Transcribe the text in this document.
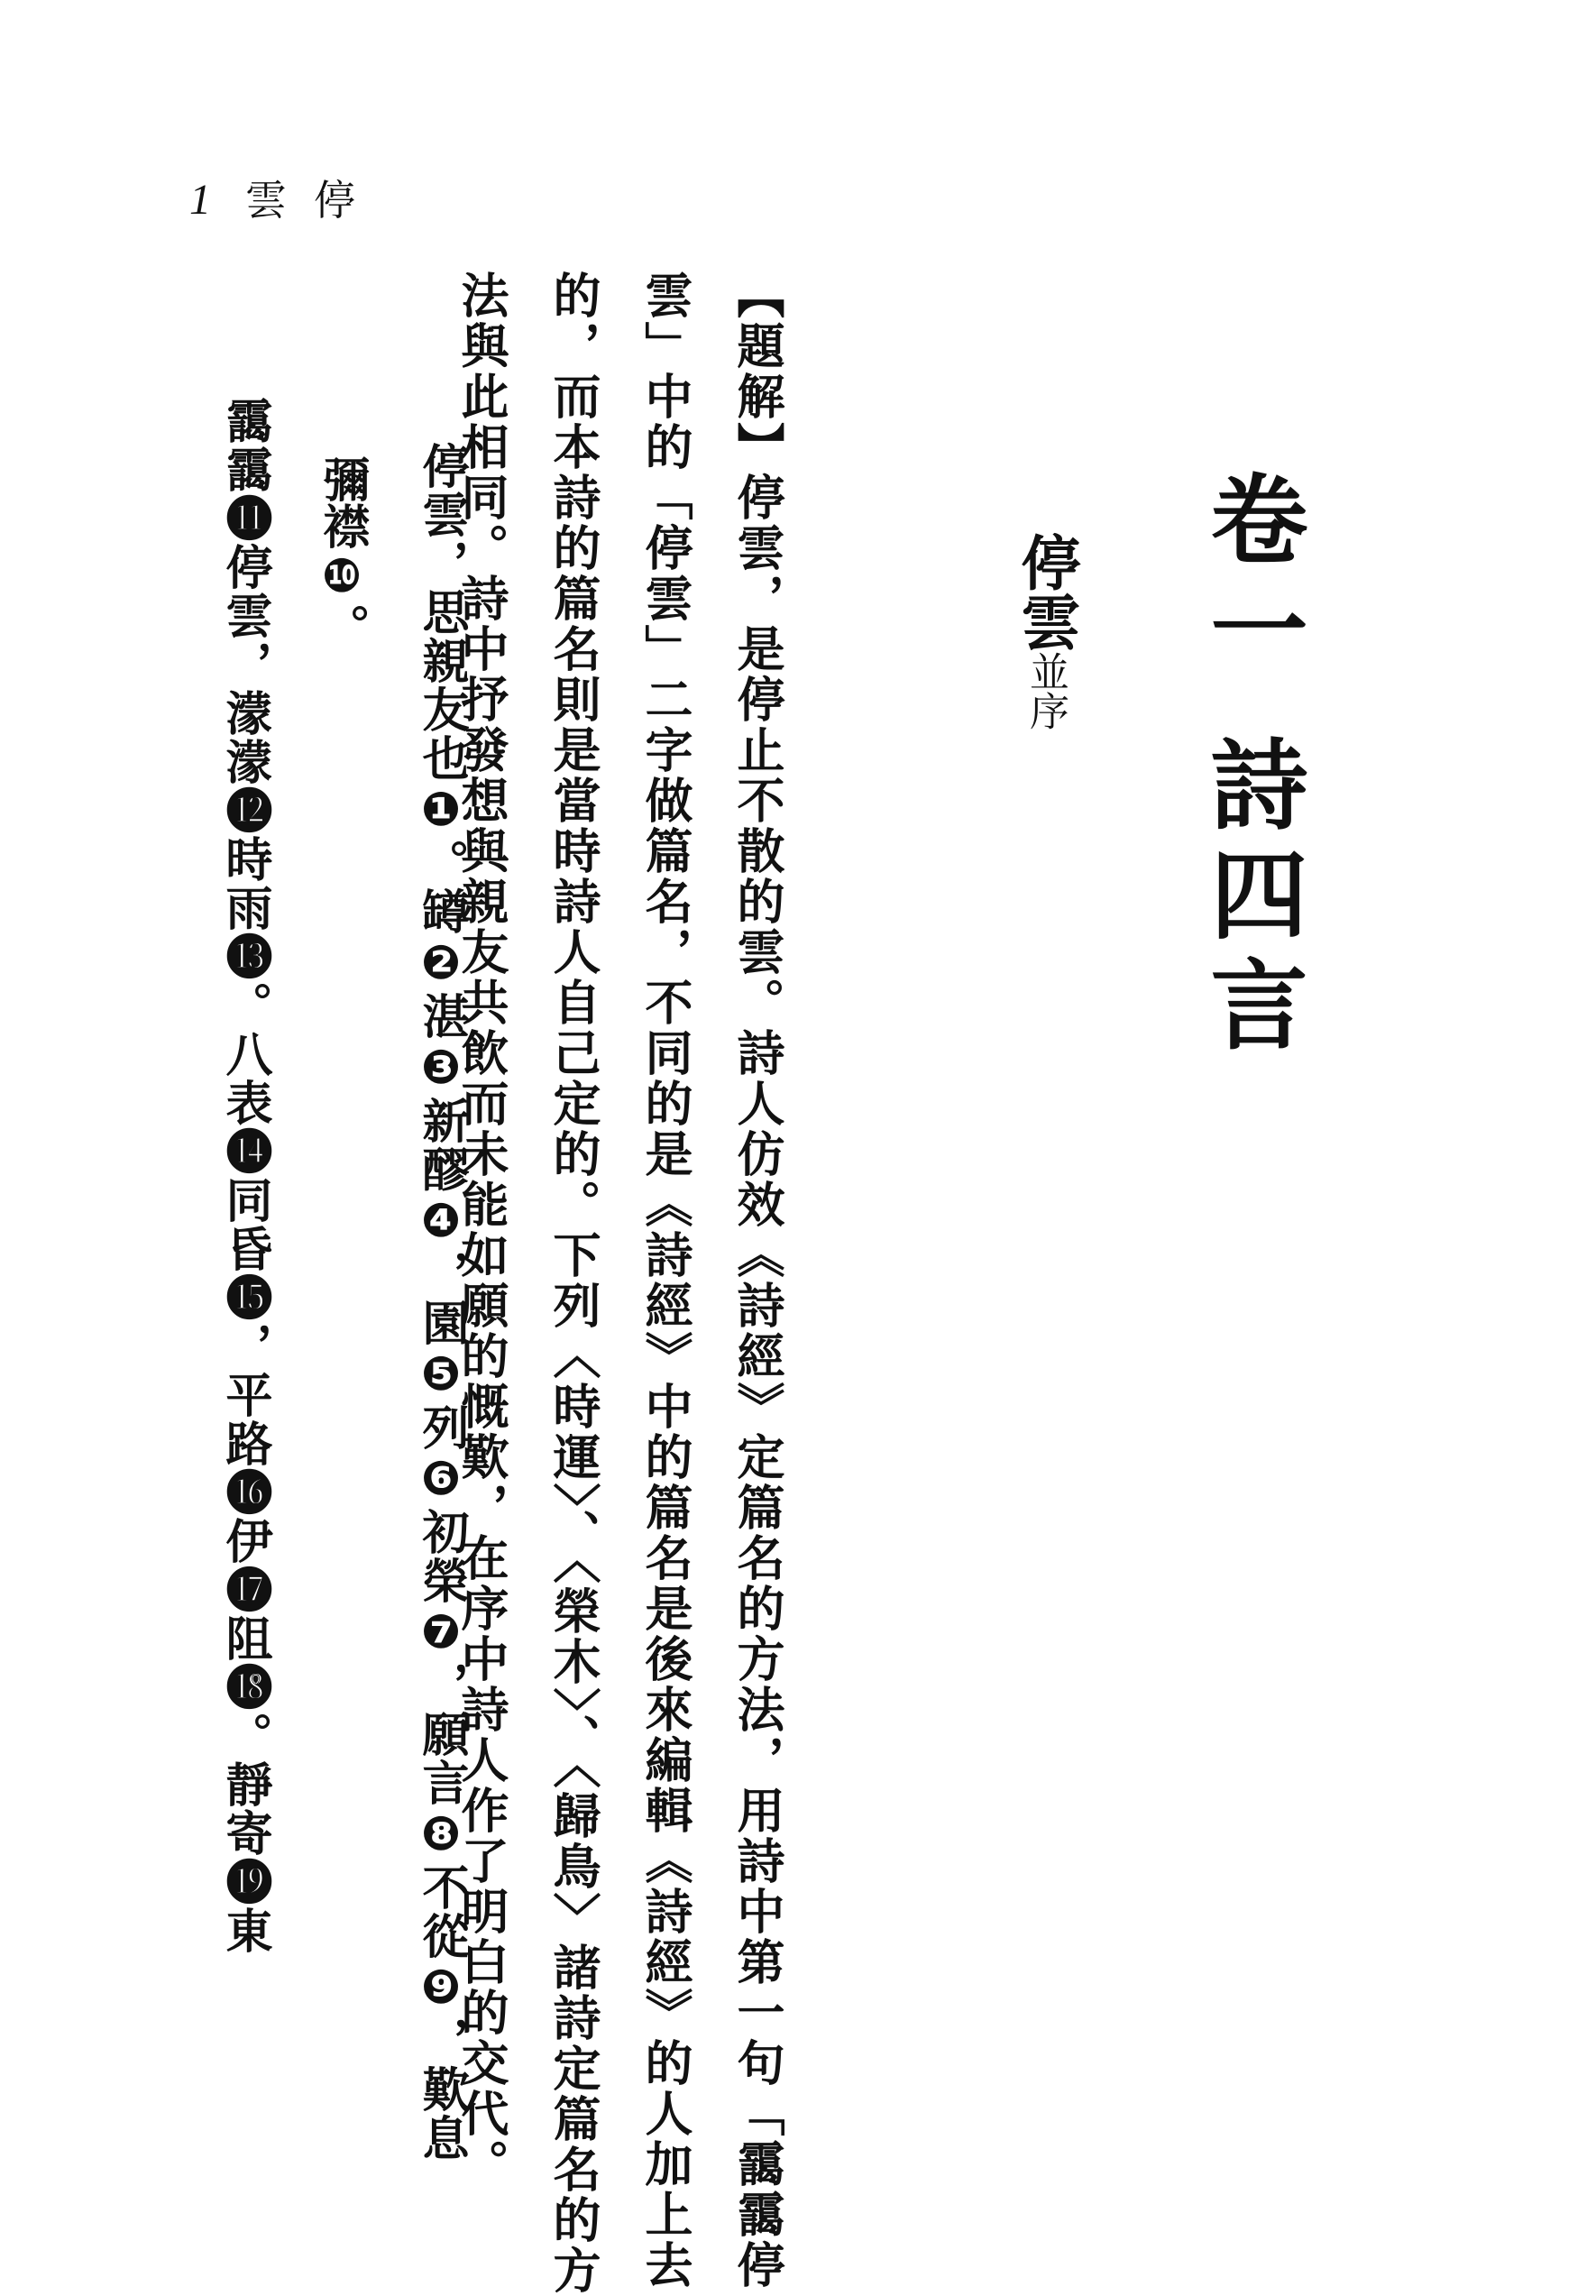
1 雲 停
卷一詩四言
停雲並序
【題解】停雲，是停止不散的雲。詩人仿效《詩經》定篇名的方法，用詩中第一句「靄靄停
雲」中的「停雲」二字做篇名，不同的是《詩經》中的篇名是後來編輯《詩經》的人加上去
的，而本詩的篇名則是當時詩人自己定的。下列〈時運〉、〈榮木〉、〈歸鳥〉諸詩定篇名的方
法與此相同。詩中抒發想與親友共飲而未能如願的慨歎，在序中詩人作了明白的交代。
停雲，思親友也❶。罇❷湛❸新醪❹，園❺列❻初榮❼，願言❽不從❾，歎息
彌襟❿。
靄靄⓫停雲，濛濛⓬時雨⓭。八表⓮同昏⓯，平路⓰伊⓱阻⓲。靜寄⓳東
